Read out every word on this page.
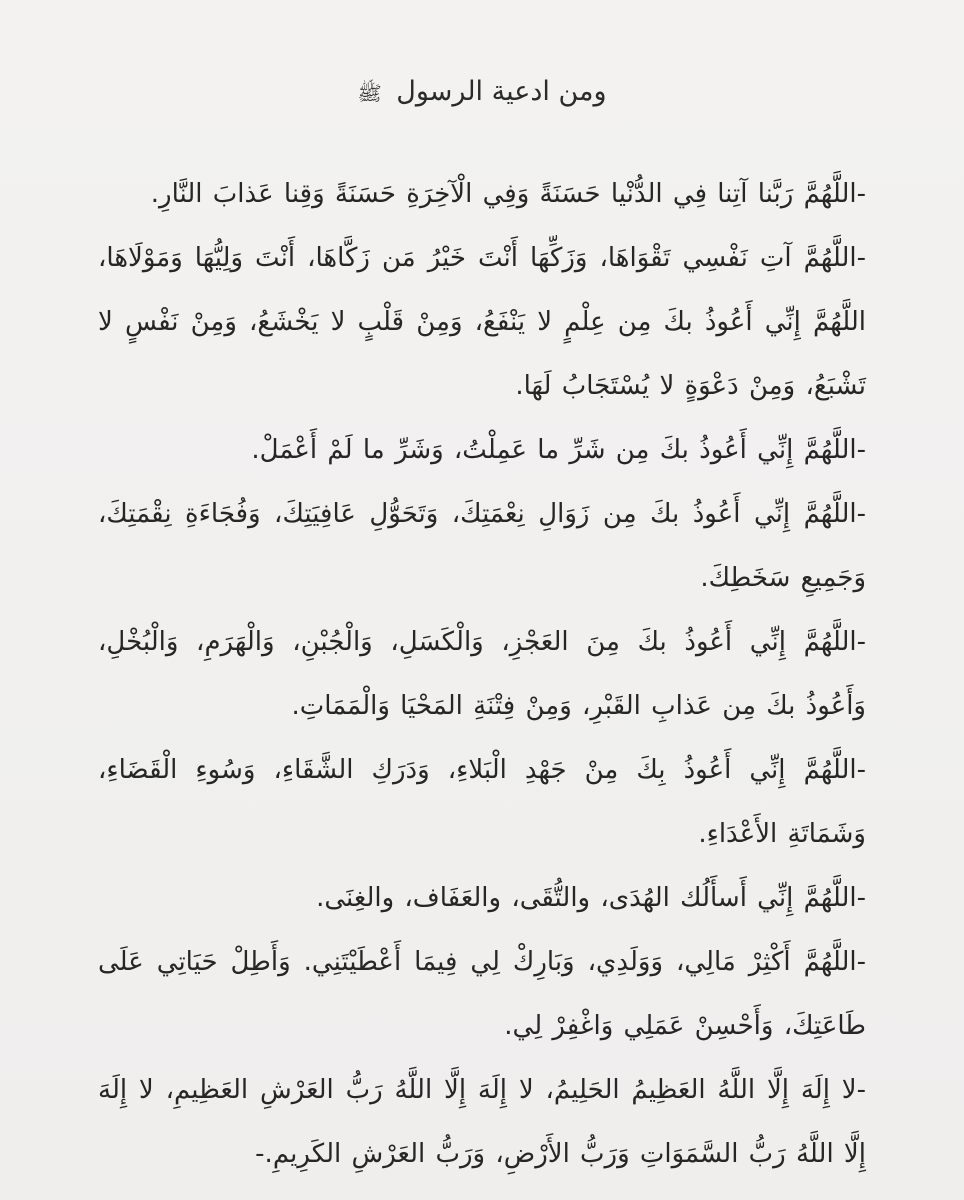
ومن ادعية الرسول ﷺ
-اللَّهُمَّ رَبَّنا آتِنا فِي الدُّنْيا حَسَنَةً وَفِي الْآخِرَةِ حَسَنَةً وَقِنا عَذابَ النَّارِ.
-اللَّهُمَّ آتِ نَفْسِي تَقْوَاهَا، وَزَكِّهَا أَنْتَ خَيْرُ مَن زَكَّاهَا، أَنْتَ وَلِيُّهَا وَمَوْلَاهَا، اللَّهُمَّ إِنِّي أَعُوذُ بكَ مِن عِلْمٍ لا يَنْفَعُ، وَمِنْ قَلْبٍ لا يَخْشَعُ، وَمِنْ نَفْسٍ لا تَشْبَعُ، وَمِنْ دَعْوَةٍ لا يُسْتَجَابُ لَهَا.
-اللَّهُمَّ إِنِّي أَعُوذُ بكَ مِن شَرِّ ما عَمِلْتُ، وَشَرِّ ما لَمْ أَعْمَلْ.
-اللَّهُمَّ إِنِّي أَعُوذُ بكَ مِن زَوَالِ نِعْمَتِكَ، وَتَحَوُّلِ عَافِيَتِكَ، وَفُجَاءَةِ نِقْمَتِكَ، وَجَمِيعِ سَخَطِكَ.
-اللَّهُمَّ إِنِّي أَعُوذُ بكَ مِنَ العَجْزِ، وَالْكَسَلِ، وَالْجُبْنِ، وَالْهَرَمِ، وَالْبُخْلِ، وَأَعُوذُ بكَ مِن عَذابِ القَبْرِ، وَمِنْ فِتْنَةِ المَحْيَا وَالْمَمَاتِ.
-اللَّهُمَّ إِنِّي أَعُوذُ بِكَ مِنْ جَهْدِ الْبَلاءِ، وَدَرَكِ الشَّقَاءِ، وَسُوءِ الْقَضَاءِ، وَشَمَاتَةِ الأَعْدَاءِ.
-اللَّهُمَّ إِنِّي أَسأَلُك الهُدَى، والتُّقَى، والعَفَاف، والغِنَى.
-اللَّهُمَّ أَكْثِرْ مَالِي، وَوَلَدِي، وَبَارِكْ لِي فِيمَا أَعْطَيْتَنِي. وَأَطِلْ حَيَاتِي عَلَى طَاعَتِكَ، وَأَحْسِنْ عَمَلِي وَاغْفِرْ لِي.
-لا إِلَهَ إِلَّا اللَّهُ العَظِيمُ الحَلِيمُ، لا إِلَهَ إِلَّا اللَّهُ رَبُّ العَرْشِ العَظِيمِ، لا إِلَهَ إِلَّا اللَّهُ رَبُّ السَّمَوَاتِ وَرَبُّ الأَرْضِ، وَرَبُّ العَرْشِ الكَرِيمِ.-
